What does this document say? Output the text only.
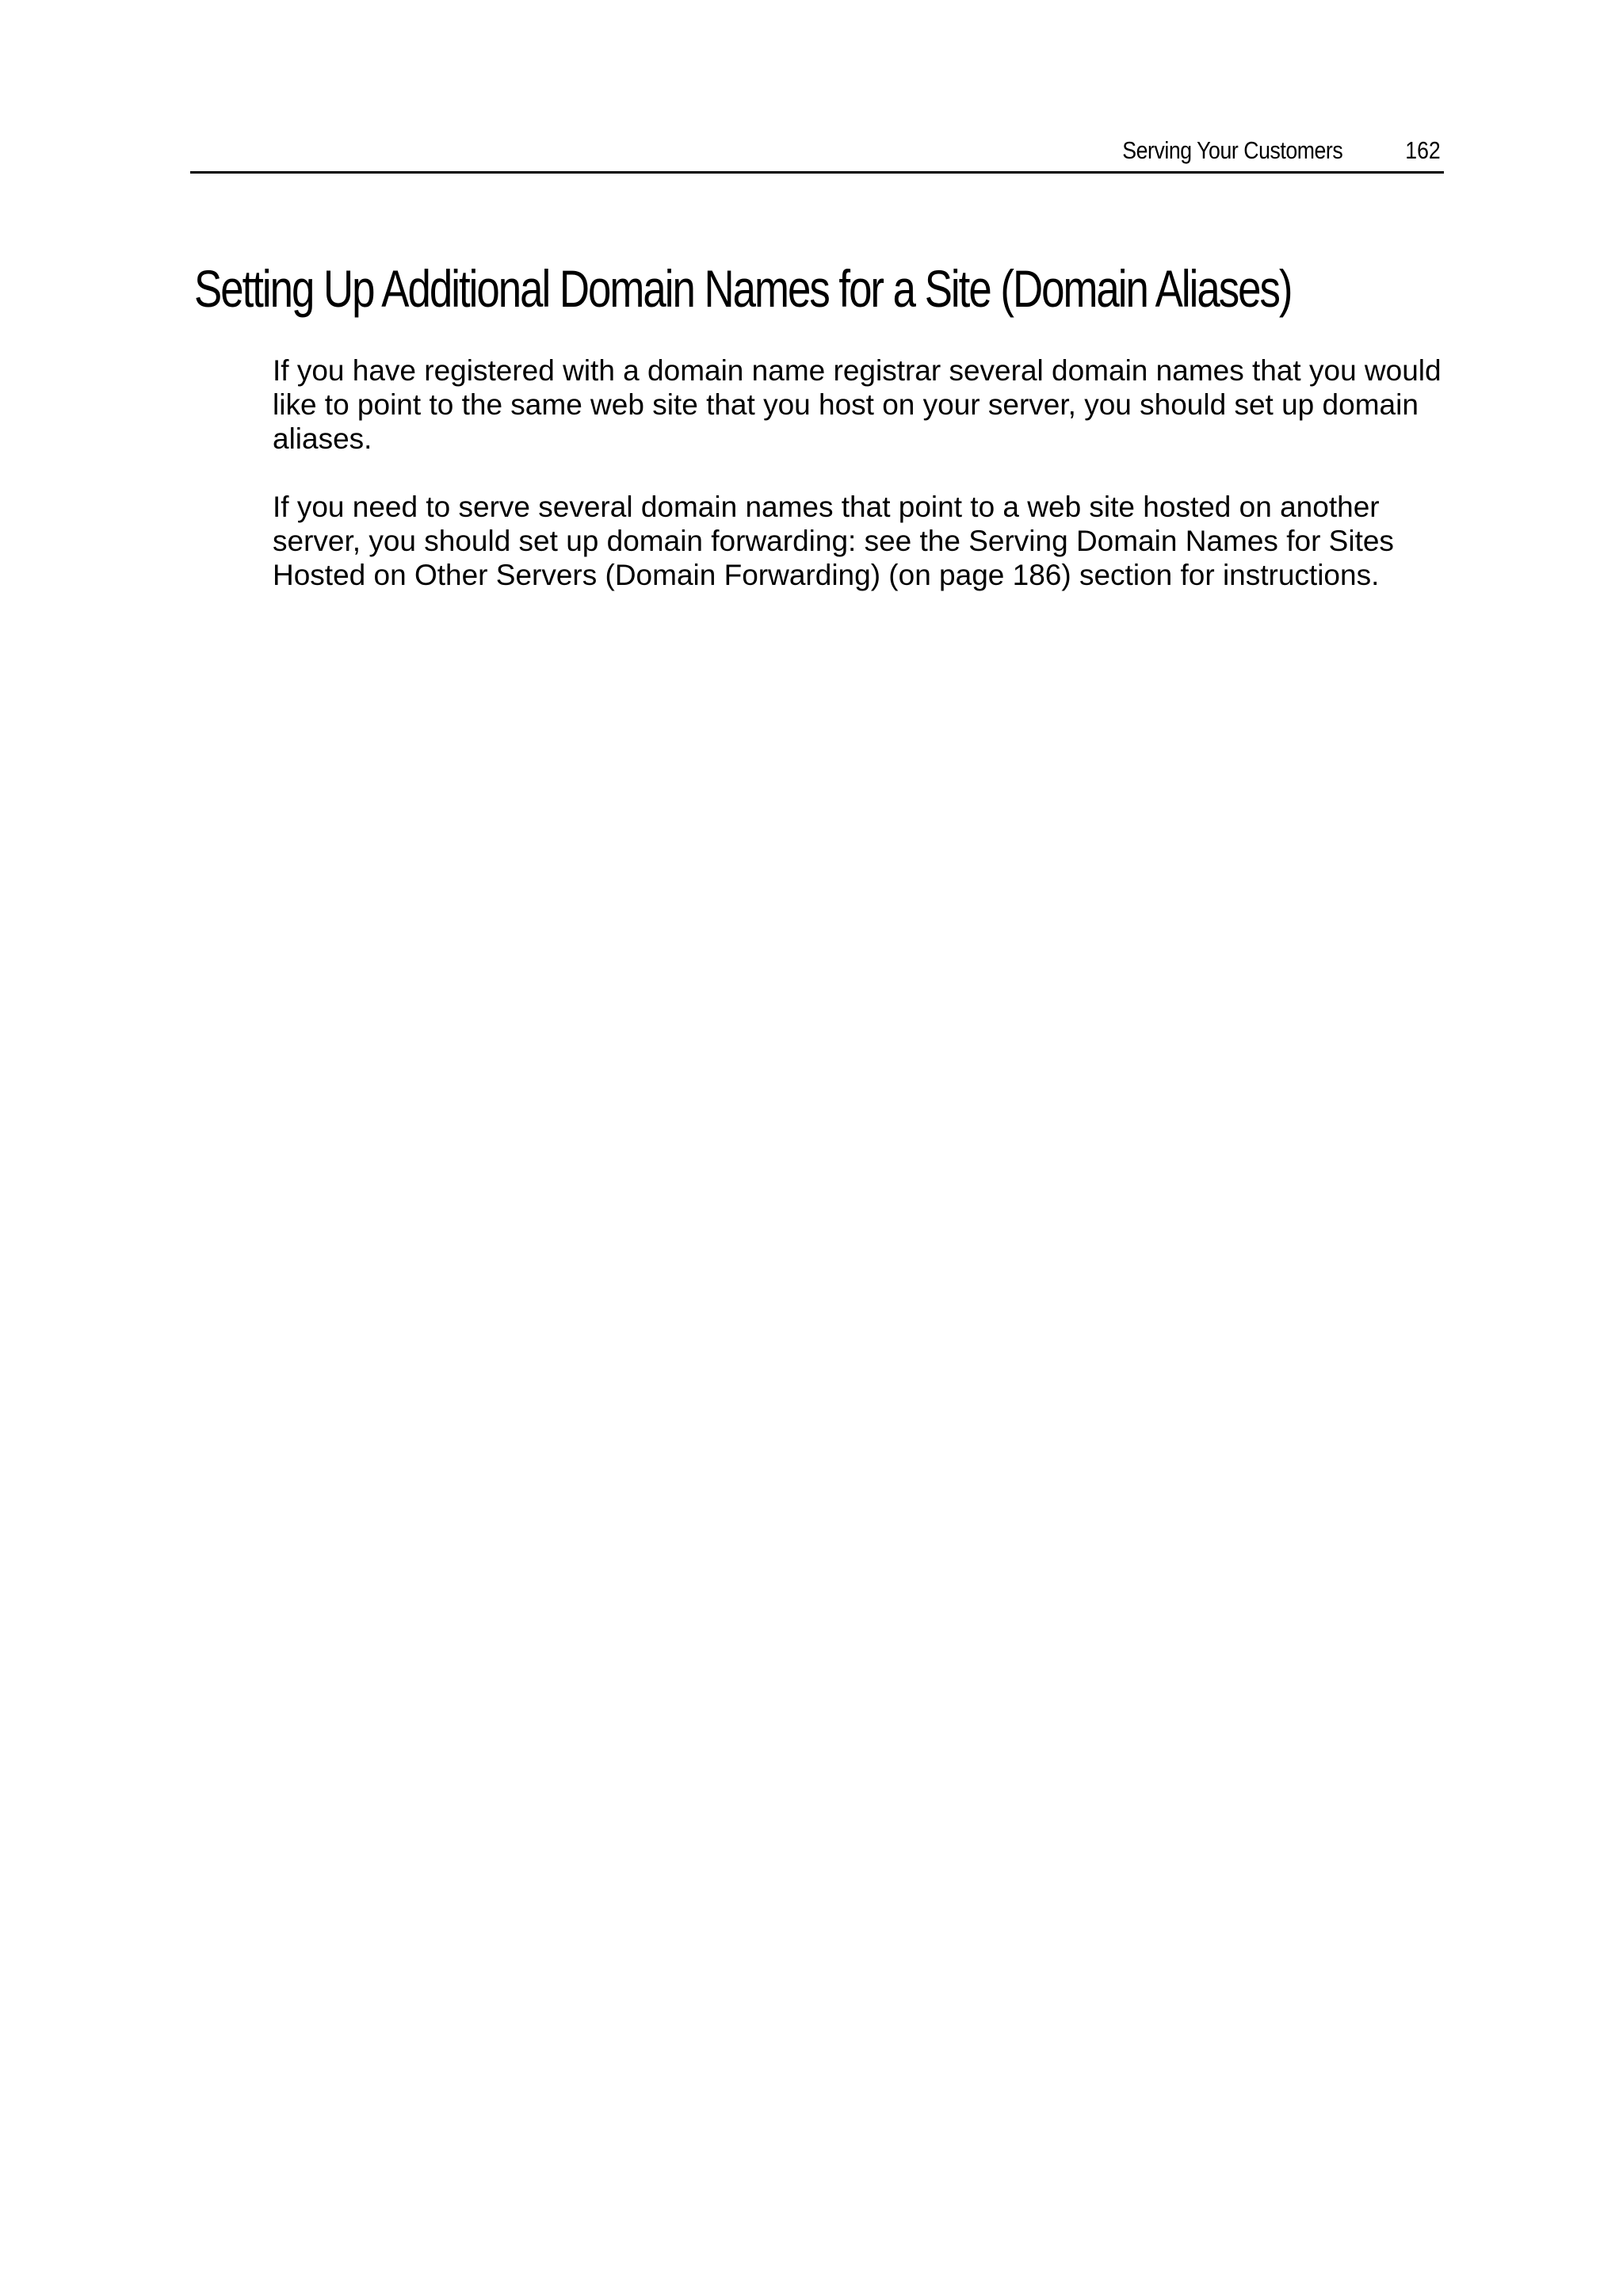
Serving Your Customers	162
Setting Up Additional Domain Names for a Site (Domain Aliases)

If you have registered with a domain name registrar several domain names that you would like to point to the same web site that you host on your server, you should set up domain aliases.

If you need to serve several domain names that point to a web site hosted on another server, you should set up domain forwarding: see the Serving Domain Names for Sites Hosted on Other Servers (Domain Forwarding) (on page 186) section for instructions.
